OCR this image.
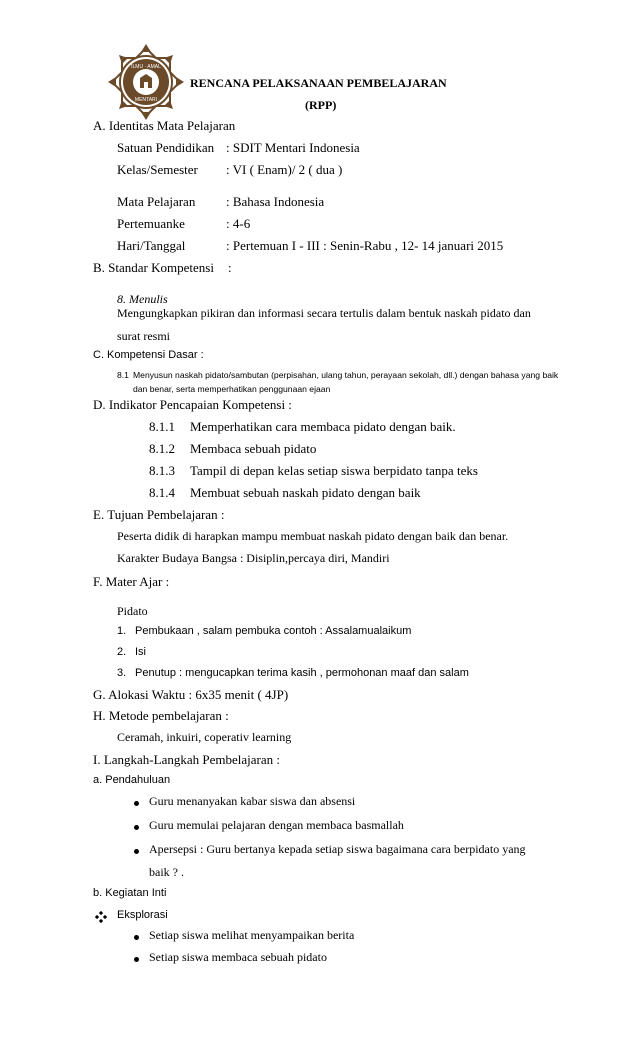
ILMU · AMAL
MENTARI
RENCANA PELAKSANAAN PEMBELAJARAN
(RPP)
A. Identitas Mata Pelajaran
Satuan Pendidikan : SDIT Mentari Indonesia
Kelas/Semester : VI ( Enam)/ 2 ( dua )
Mata Pelajaran : Bahasa Indonesia
Pertemuanke	: 4-6
Hari/Tanggal	: Pertemuan I - III : Senin-Rabu , 12- 14 januari 2015
B. Standar Kompetensi :
8. Menulis
Mengungkapkan pikiran dan informasi secara tertulis dalam bentuk naskah pidato dan
surat resmi
C. Kompetensi Dasar :
8.1 Menyusun naskah pidato/sambutan (perpisahan, ulang tahun, perayaan sekolah, dll.) dengan bahasa yang baik
dan benar, serta memperhatikan penggunaan ejaan
D. Indikator Pencapaian Kompetensi :
8.1.1 Memperhatikan cara membaca pidato dengan baik.
8.1.2 Membaca sebuah pidato
8.1.3 Tampil di depan kelas setiap siswa berpidato tanpa teks
8.1.4 Membuat sebuah naskah pidato dengan baik
E. Tujuan Pembelajaran :
Peserta didik di harapkan mampu membuat naskah pidato dengan baik dan benar.
Karakter Budaya Bangsa : Disiplin,percaya diri, Mandiri
F. Mater Ajar :
Pidato
1. Pembukaan , salam pembuka contoh : Assalamualaikum
2. Isi
3. Penutup : mengucapkan terima kasih , permohonan maaf dan salam
G. Alokasi Waktu : 6x35 menit ( 4JP)
H. Metode pembelajaran :
Ceramah, inkuiri, coperativ learning
I. Langkah-Langkah Pembelajaran :
a. Pendahuluan
Guru menanyakan kabar siswa dan absensi
Guru memulai pelajaran dengan membaca basmallah
Apersepsi : Guru bertanya kepada setiap siswa bagaimana cara berpidato yang
baik ? .
b. Kegiatan Inti
Eksplorasi
Setiap siswa melihat menyampaikan berita
Setiap siswa membaca sebuah pidato
